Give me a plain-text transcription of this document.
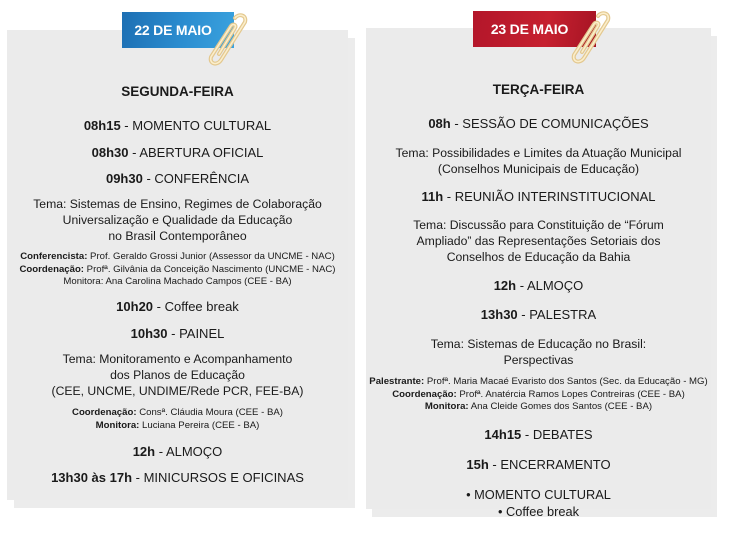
22 DE MAIO	23 DE MAIO
SEGUNDA-FEIRA
08h15 - MOMENTO CULTURAL
08h30 - ABERTURA OFICIAL
09h30 - CONFERÊNCIA
Tema: Sistemas de Ensino, Regimes de Colaboração
Universalização e Qualidade da Educação
no Brasil Contemporâneo
Conferencista: Prof. Geraldo Grossi Junior (Assessor da UNCME - NAC)
Coordenação: Profª. Gilvânia da Conceição Nascimento (UNCME - NAC)
Monitora: Ana Carolina Machado Campos (CEE - BA)
10h20 - Coffee break
10h30 - PAINEL
Tema: Monitoramento e Acompanhamento
dos Planos de Educação
(CEE, UNCME, UNDIME/Rede PCR, FEE-BA)
Coordenação: Consª. Cláudia Moura (CEE - BA)
Monitora: Luciana Pereira (CEE - BA)
12h - ALMOÇO
13h30 às 17h - MINICURSOS E OFICINAS
TERÇA-FEIRA
08h - SESSÃO DE COMUNICAÇÕES
Tema: Possibilidades e Limites da Atuação Municipal
(Conselhos Municipais de Educação)
11h - REUNIÃO INTERINSTITUCIONAL
Tema: Discussão para Constituição de “Fórum
Ampliado” das Representações Setoriais dos
Conselhos de Educação da Bahia
12h - ALMOÇO
13h30 - PALESTRA
Tema: Sistemas de Educação no Brasil:
Perspectivas
Palestrante: Profª. Maria Macaé Evaristo dos Santos (Sec. da Educação - MG)
Coordenação: Profª. Anatércia Ramos Lopes Contreiras (CEE - BA)
Monitora: Ana Cleide Gomes dos Santos (CEE - BA)
14h15 - DEBATES
15h - ENCERRAMENTO
• MOMENTO CULTURAL
• Coffee break
